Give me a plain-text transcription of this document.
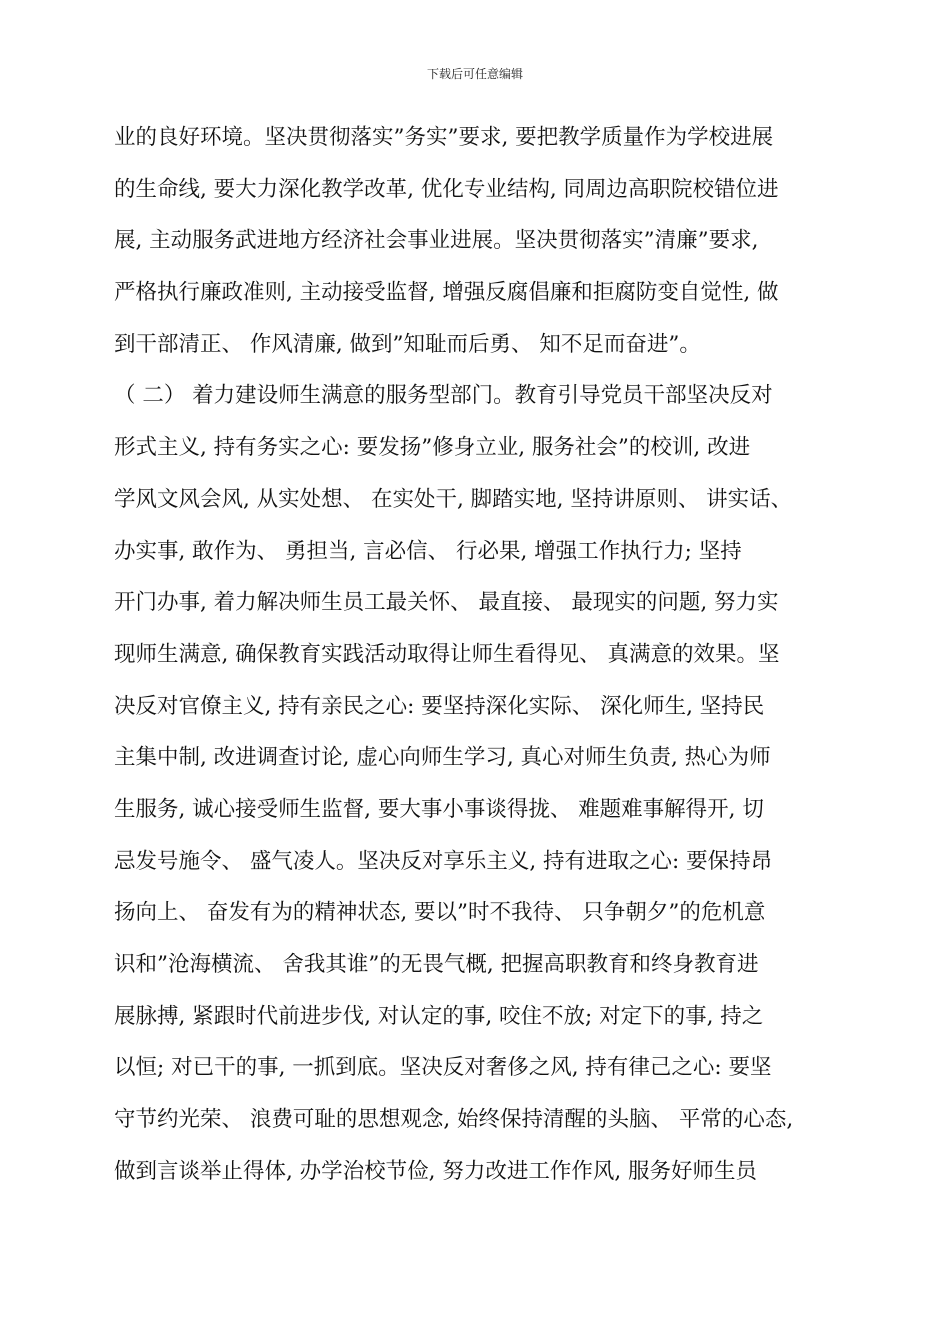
下载后可任意编辑
业的良好环境。坚决贯彻落实”务实”要求, 要把教学质量作为学校进展
的生命线, 要大力深化教学改革, 优化专业结构, 同周边高职院校错位进
展, 主动服务武进地方经济社会事业进展。坚决贯彻落实”清廉”要求,
严格执行廉政准则, 主动接受监督, 增强反腐倡廉和拒腐防变自觉性, 做
到干部清正、 作风清廉, 做到”知耻而后勇、 知不足而奋进”。
（ 二） 着力建设师生满意的服务型部门。教育引导党员干部坚决反对
形式主义, 持有务实之心: 要发扬”修身立业, 服务社会”的校训, 改进
学风文风会风, 从实处想、 在实处干, 脚踏实地, 坚持讲原则、 讲实话、
办实事, 敢作为、 勇担当, 言必信、 行必果, 增强工作执行力; 坚持
开门办事, 着力解决师生员工最关怀、 最直接、 最现实的问题, 努力实
现师生满意, 确保教育实践活动取得让师生看得见、 真满意的效果。坚
决反对官僚主义, 持有亲民之心: 要坚持深化实际、 深化师生, 坚持民
主集中制, 改进调查讨论, 虚心向师生学习, 真心对师生负责, 热心为师
生服务, 诚心接受师生监督, 要大事小事谈得拢、 难题难事解得开, 切
忌发号施令、 盛气凌人。坚决反对享乐主义, 持有进取之心: 要保持昂
扬向上、 奋发有为的精神状态, 要以”时不我待、 只争朝夕”的危机意
识和”沧海横流、 舍我其谁”的无畏气概, 把握高职教育和终身教育进
展脉搏, 紧跟时代前进步伐, 对认定的事, 咬住不放; 对定下的事, 持之
以恒; 对已干的事, 一抓到底。坚决反对奢侈之风, 持有律己之心: 要坚
守节约光荣、 浪费可耻的思想观念, 始终保持清醒的头脑、 平常的心态,
做到言谈举止得体, 办学治校节俭, 努力改进工作作风, 服务好师生员
